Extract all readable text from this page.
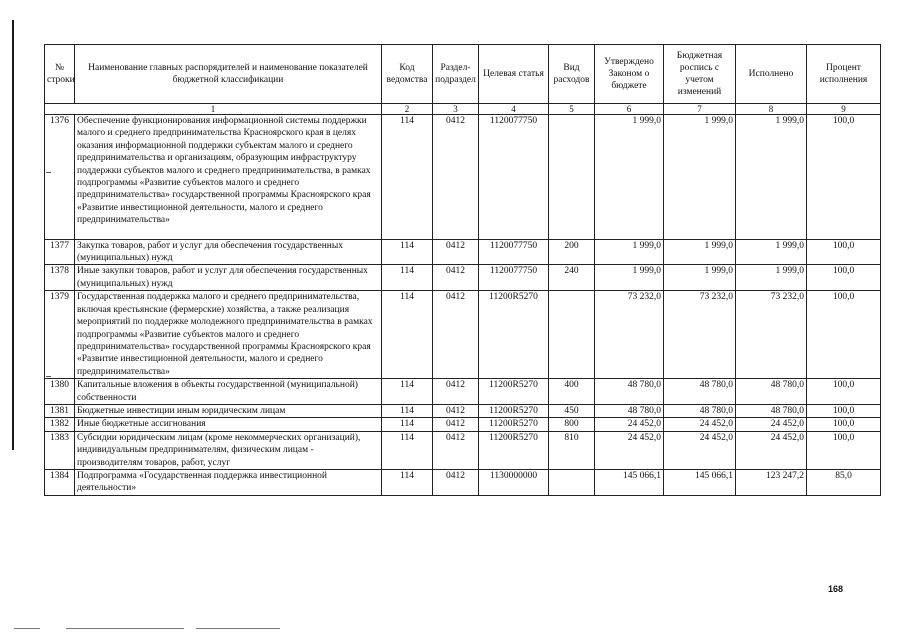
№ строки	Наименование главных распорядителей и наименование показателей бюджетной классификации	Код ведомства	Раздел-подраздел	Целевая статья	Вид расходов	Утверждено Законом о бюджете	Бюджетная роспись с учетом изменений	Исполнено	Процент исполнения
1		2	3	4	5	6	7	8	9
1376	Обеспечение функционирования информационной системы поддержки малого и среднего предпринимательства Красноярского края в целях оказания информационной поддержки субъектам малого и среднего предпринимательства и организациям, образующим инфраструктуру поддержки субъектов малого и среднего предпринимательства, в рамках подпрограммы «Развитие субъектов малого и среднего предпринимательства» государственной программы Красноярского края «Развитие инвестиционной деятельности, малого и среднего предпринимательства»	114	0412	1120077750		1 999,0	1 999,0	1 999,0	100,0
1377	Закупка товаров, работ и услуг для обеспечения государственных (муниципальных) нужд	114	0412	1120077750	200	1 999,0	1 999,0	1 999,0	100,0
1378	Иные закупки товаров, работ и услуг для обеспечения государственных (муниципальных) нужд	114	0412	1120077750	240	1 999,0	1 999,0	1 999,0	100,0
1379	Государственная поддержка малого и среднего предпринимательства, включая крестьянские (фермерские) хозяйства, а также реализация мероприятий по поддержке молодежного предпринимательства в рамках подпрограммы «Развитие субъектов малого и среднего предпринимательства» государственной программы Красноярского края «Развитие инвестиционной деятельности, малого и среднего предпринимательства»	114	0412	11200R5270		73 232,0	73 232,0	73 232,0	100,0
1380	Капитальные вложения в объекты государственной (муниципальной) собственности	114	0412	11200R5270	400	48 780,0	48 780,0	48 780,0	100,0
1381	Бюджетные инвестиции иным юридическим лицам	114	0412	11200R5270	450	48 780,0	48 780,0	48 780,0	100,0
1382	Иные бюджетные ассигнования	114	0412	11200R5270	800	24 452,0	24 452,0	24 452,0	100,0
1383	Субсидии юридическим лицам (кроме некоммерческих организаций), индивидуальным предпринимателям, физическим лицам - производителям товаров, работ, услуг	114	0412	11200R5270	810	24 452,0	24 452,0	24 452,0	100,0
1384	Подпрограмма «Государственная поддержка инвестиционной деятельности»	114	0412	1130000000		145 066,1	145 066,1	123 247,2	85,0
168
